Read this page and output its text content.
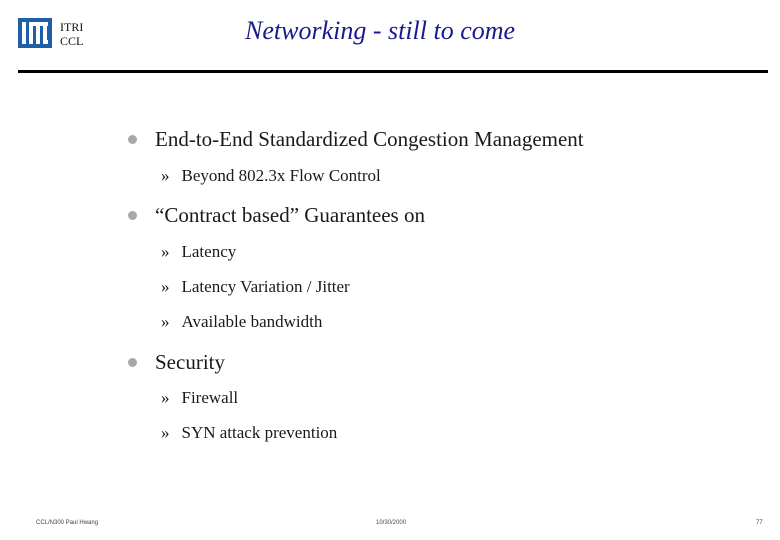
ITRI
CCL	Networking - still to come
End-to-End Standardized Congestion Management
» Beyond 802.3x Flow Control
“Contract based” Guarantees on
» Latency
» Latency Variation / Jitter
» Available bandwidth
Security
» Firewall
» SYN attack prevention
CCL/N300 Paul Hwang	10/30/2000	77
